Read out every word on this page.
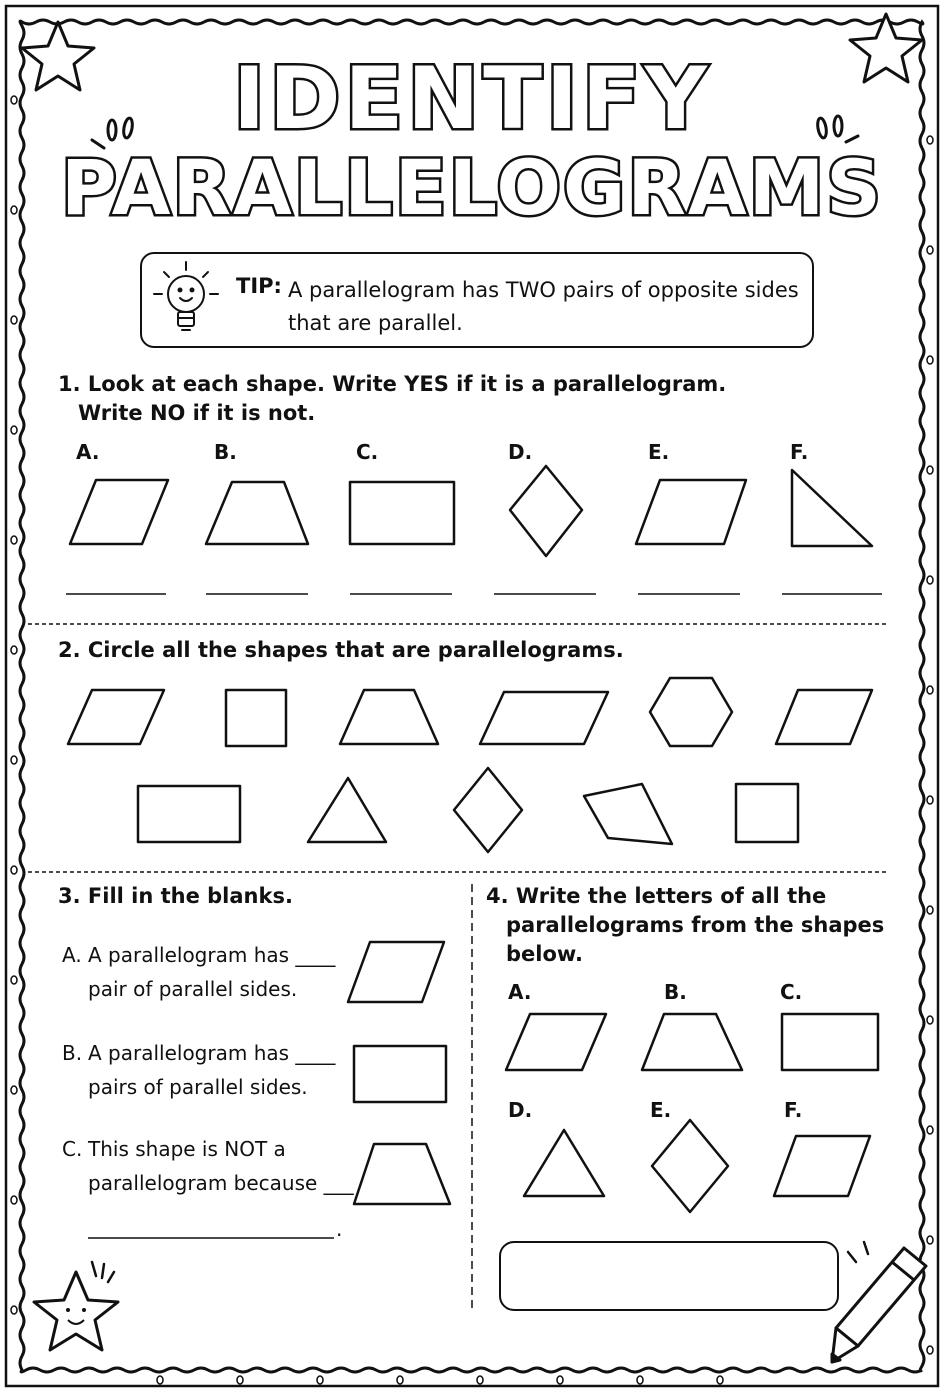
IDENTIFY
PARALLELOGRAMS
TIP: A parallelogram has TWO pairs of opposite sides that are parallel.
1. Look at each shape. Write YES if it is a parallelogram.
Write NO if it is not.
A.	B.	C.	D.	E.	F.
2. Circle all the shapes that are parallelograms.
3. Fill in the blanks.
A. A parallelogram has ____
pair of parallel sides.
B. A parallelogram has ____
pairs of parallel sides.
C. This shape is NOT a
parallelogram because ___
.
4. Write the letters of all the
parallelograms from the shapes
below.
A.	B.	C.
D.	E.	F.
